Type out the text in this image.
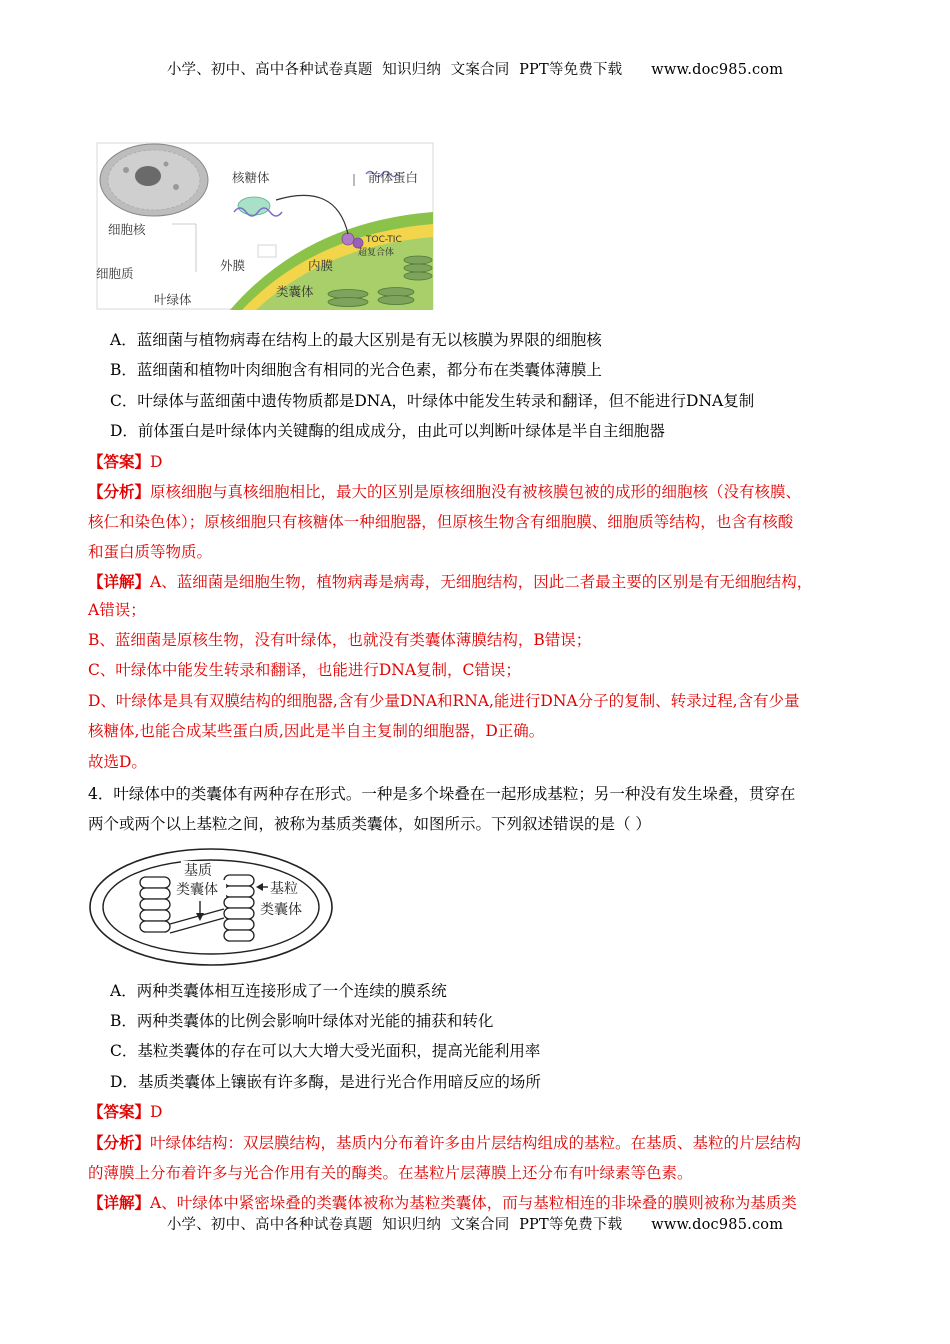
小学、初中、高中各种试卷真题  知识归纳  文案合同  PPT等免费下载      www.doc985.com
核糖体	前体蛋白
细胞核
细胞质
叶绿体
外膜	内膜
类囊体
TOC-TIC
超复合体
A．蓝细菌与植物病毒在结构上的最大区别是有无以核膜为界限的细胞核
B．蓝细菌和植物叶肉细胞含有相同的光合色素，都分布在类囊体薄膜上
C．叶绿体与蓝细菌中遗传物质都是DNA，叶绿体中能发生转录和翻译，但不能进行DNA复制
D．前体蛋白是叶绿体内关键酶的组成成分，由此可以判断叶绿体是半自主细胞器
【答案】D
【分析】原核细胞与真核细胞相比，最大的区别是原核细胞没有被核膜包被的成形的细胞核（没有核膜、
核仁和染色体）；原核细胞只有核糖体一种细胞器，但原核生物含有细胞膜、细胞质等结构，也含有核酸
和蛋白质等物质。
【详解】A、蓝细菌是细胞生物，植物病毒是病毒，无细胞结构，因此二者最主要的区别是有无细胞结构，
A错误；
B、蓝细菌是原核生物，没有叶绿体，也就没有类囊体薄膜结构，B错误；
C、叶绿体中能发生转录和翻译，也能进行DNA复制，C错误；
D、叶绿体是具有双膜结构的细胞器,含有少量DNA和RNA,能进行DNA分子的复制、转录过程,含有少量
核糖体,也能合成某些蛋白质,因此是半自主复制的细胞器，D正确。
故选D。
4．叶绿体中的类囊体有两种存在形式。一种是多个垛叠在一起形成基粒；另一种没有发生垛叠，贯穿在
两个或两个以上基粒之间，被称为基质类囊体，如图所示。下列叙述错误的是（ ）
A．两种类囊体相互连接形成了一个连续的膜系统
B．两种类囊体的比例会影响叶绿体对光能的捕获和转化
C．基粒类囊体的存在可以大大增大受光面积，提高光能利用率
D．基质类囊体上镶嵌有许多酶，是进行光合作用暗反应的场所
【答案】D
【分析】叶绿体结构：双层膜结构，基质内分布着许多由片层结构组成的基粒。在基质、基粒的片层结构
的薄膜上分布着许多与光合作用有关的酶类。在基粒片层薄膜上还分布有叶绿素等色素。
【详解】A、叶绿体中紧密垛叠的类囊体被称为基粒类囊体，而与基粒相连的非垛叠的膜则被称为基质类
基质
类囊体	基粒
类囊体
小学、初中、高中各种试卷真题  知识归纳  文案合同  PPT等免费下载      www.doc985.com
